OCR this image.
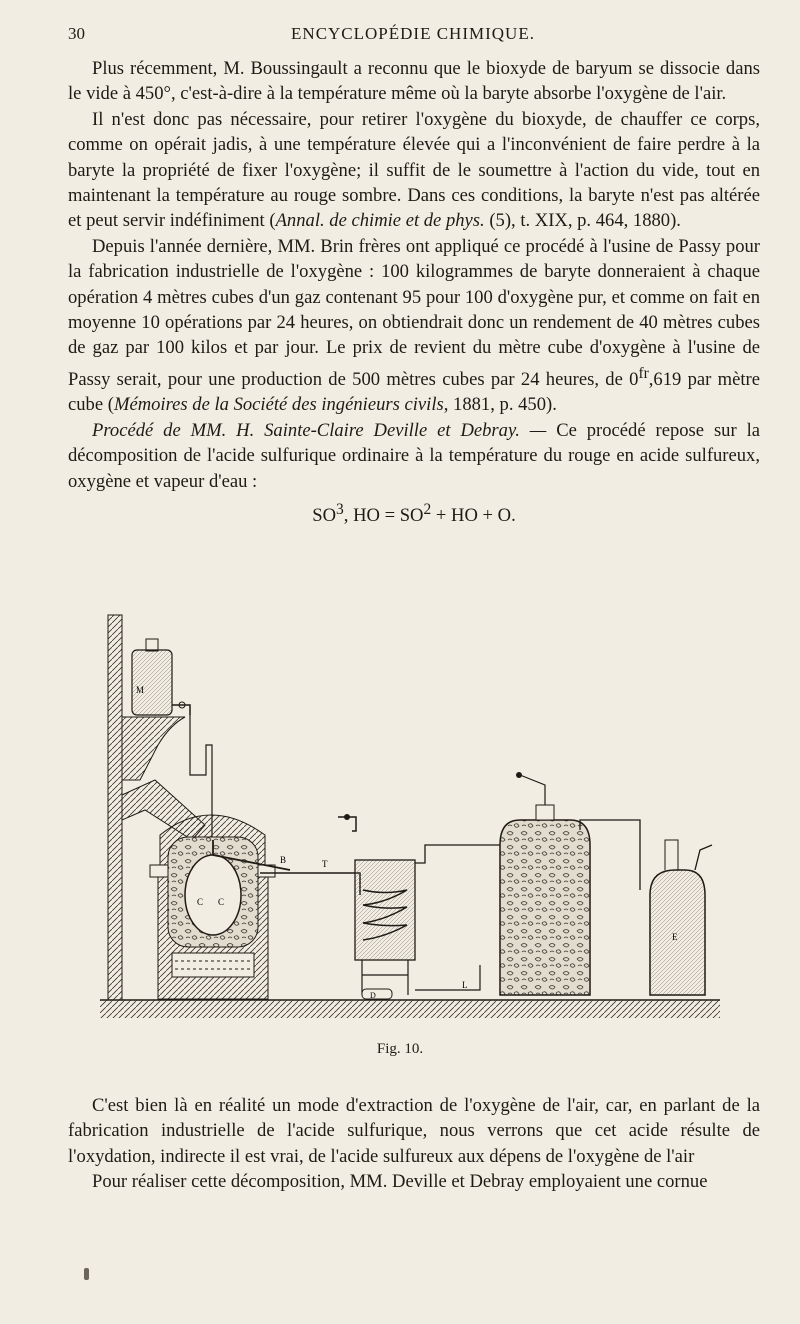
30	ENCYCLOPÉDIE CHIMIQUE.

Plus récemment, M. Boussingault a reconnu que le bioxyde de baryum se dissocie dans le vide à 450°, c'est-à-dire à la température même où la baryte absorbe l'oxygène de l'air.

Il n'est donc pas nécessaire, pour retirer l'oxygène du bioxyde, de chauffer ce corps, comme on opérait jadis, à une température élevée qui a l'inconvénient de faire perdre à la baryte la propriété de fixer l'oxygène; il suffit de le soumettre à l'action du vide, tout en maintenant la température au rouge sombre. Dans ces conditions, la baryte n'est pas altérée et peut servir indéfiniment (Annal. de chimie et de phys. (5), t. XIX, p. 464, 1880).

Depuis l'année dernière, MM. Brin frères ont appliqué ce procédé à l'usine de Passy pour la fabrication industrielle de l'oxygène : 100 kilogrammes de baryte donneraient à chaque opération 4 mètres cubes d'un gaz contenant 95 pour 100 d'oxygène pur, et comme on fait en moyenne 10 opérations par 24 heures, on obtiendrait donc un rendement de 40 mètres cubes de gaz par 100 kilos et par jour. Le prix de revient du mètre cube d'oxygène à l'usine de Passy serait, pour une production de 500 mètres cubes par 24 heures, de $0^{fr},619$ par mètre cube (Mémoires de la Société des ingénieurs civils, 1881, p. 450).

Procédé de MM. H. Sainte-Claire Deville et Debray. — Ce procédé repose sur la décomposition de l'acide sulfurique ordinaire à la température du rouge en acide sulfureux, oxygène et vapeur d'eau :

$SO^3$, HO = $SO^2$ + HO + O.
M
C C
B	T
D
L
E
Fig. 10.

C'est bien là en réalité un mode d'extraction de l'oxygène de l'air, car, en parlant de la fabrication industrielle de l'acide sulfurique, nous verrons que cet acide résulte de l'oxydation, indirecte il est vrai, de l'acide sulfureux aux dépens de l'oxygène de l'air

Pour réaliser cette décomposition, MM. Deville et Debray employaient une cornue
